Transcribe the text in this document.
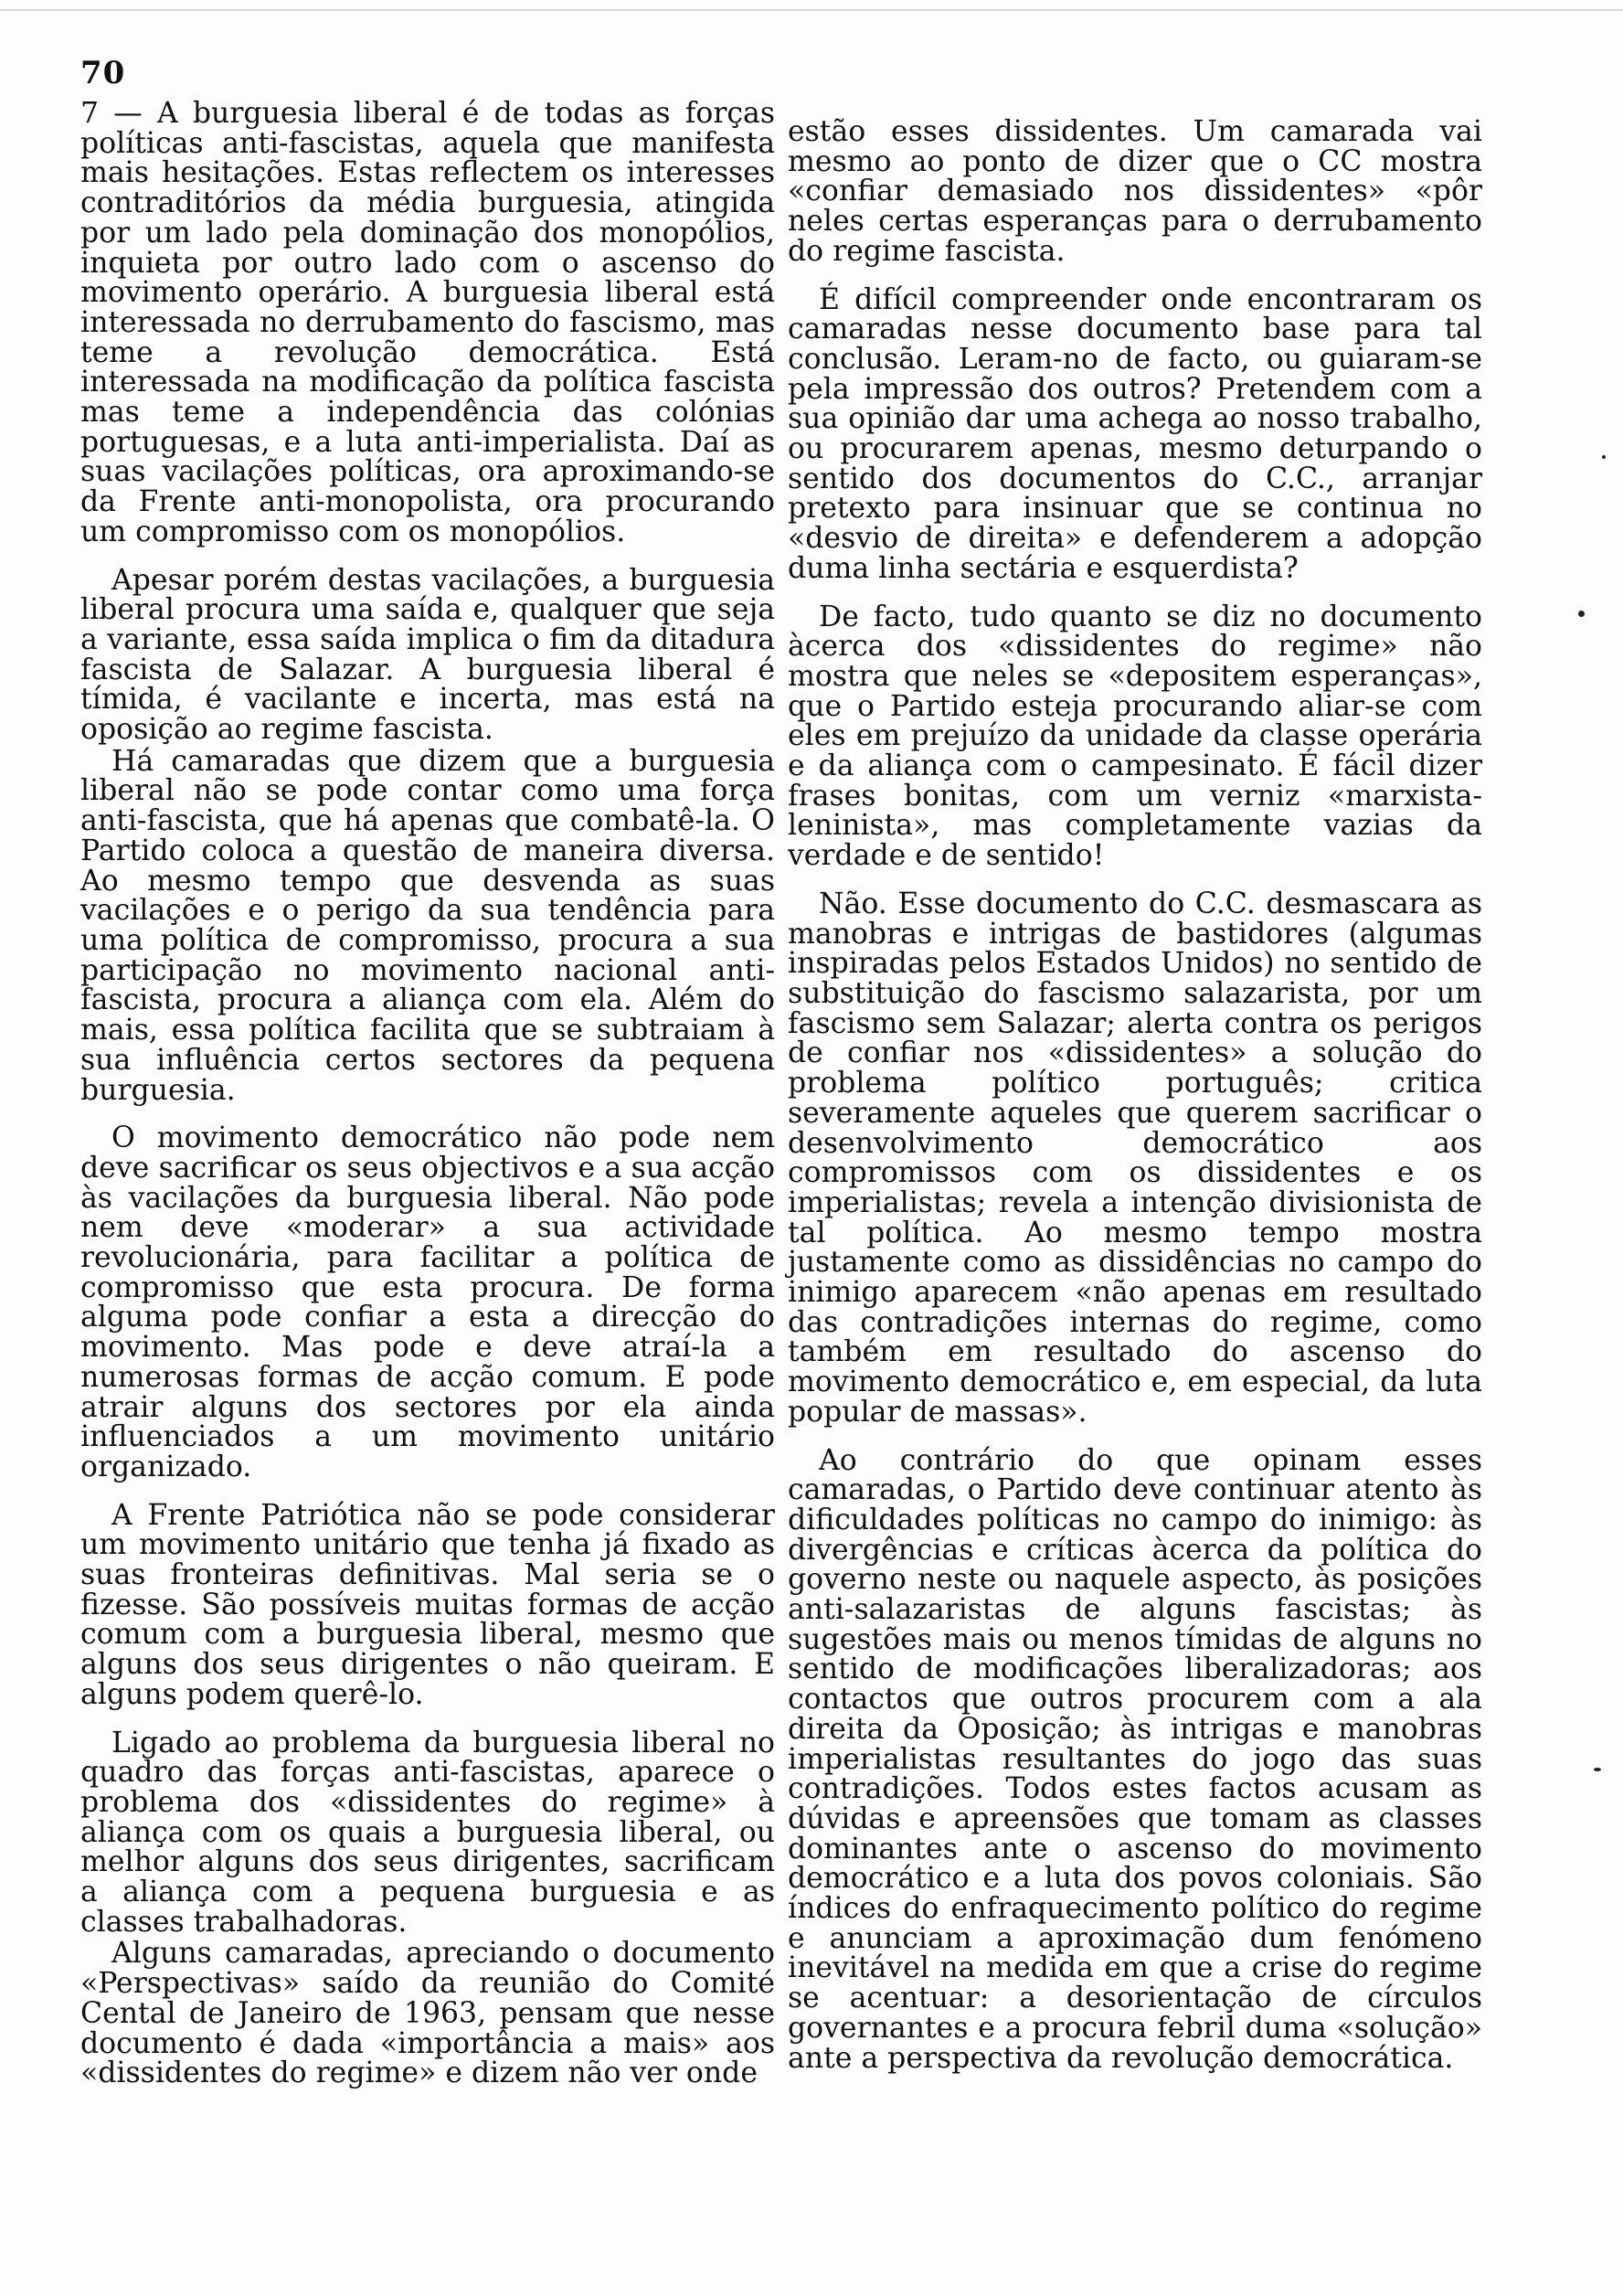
70

7 — A burguesia liberal é de todas as forças políticas anti-fascistas, aquela que manifesta mais hesitações. Estas reflectem os interesses contraditórios da média burguesia, atingida por um lado pela dominação dos monopólios, inquieta por outro lado com o ascenso do movimento operário. A burguesia liberal está interessada no derrubamento do fascismo, mas teme a revolução democrática. Está interessada na modificação da política fascista mas teme a independência das colónias portuguesas, e a luta anti-imperialista. Daí as suas vacilações políticas, ora aproximando-se da Frente anti-monopolista, ora procurando um compromisso com os monopólios.

Apesar porém destas vacilações, a burguesia liberal procura uma saída e, qualquer que seja a variante, essa saída implica o fim da ditadura fascista de Salazar. A burguesia liberal é tímida, é vacilante e incerta, mas está na oposição ao regime fascista.

Há camaradas que dizem que a burguesia liberal não se pode contar como uma força anti-fascista, que há apenas que combatê-la. O Partido coloca a questão de maneira diversa. Ao mesmo tempo que desvenda as suas vacilações e o perigo da sua tendência para uma política de compromisso, procura a sua participação no movimento nacional anti-fascista, procura a aliança com ela. Além do mais, essa política facilita que se subtraiam à sua influência certos sectores da pequena burguesia.

O movimento democrático não pode nem deve sacrificar os seus objectivos e a sua acção às vacilações da burguesia liberal. Não pode nem deve «moderar» a sua actividade revolucionária, para facilitar a política de compromisso que esta procura. De forma alguma pode confiar a esta a direcção do movimento. Mas pode e deve atraí-la a numerosas formas de acção comum. E pode atrair alguns dos sectores por ela ainda influenciados a um movimento unitário organizado.

A Frente Patriótica não se pode considerar um movimento unitário que tenha já fixado as suas fronteiras definitivas. Mal seria se o fizesse. São possíveis muitas formas de acção comum com a burguesia liberal, mesmo que alguns dos seus dirigentes o não queiram. E alguns podem querê-lo.

Ligado ao problema da burguesia liberal no quadro das forças anti-fascistas, aparece o problema dos «dissidentes do regime» à aliança com os quais a burguesia liberal, ou melhor alguns dos seus dirigentes, sacrificam a aliança com a pequena burguesia e as classes trabalhadoras.

Alguns camaradas, apreciando o documento «Perspectivas» saído da reunião do Comité Cental de Janeiro de 1963, pensam que nesse documento é dada «importância a mais» aos «dissidentes do regime» e dizem não ver onde

estão esses dissidentes. Um camarada vai mesmo ao ponto de dizer que o CC mostra «confiar demasiado nos dissidentes» «pôr neles certas esperanças para o derrubamento do regime fascista.

É difícil compreender onde encontraram os camaradas nesse documento base para tal conclusão. Leram-no de facto, ou guiaram-se pela impressão dos outros? Pretendem com a sua opinião dar uma achega ao nosso trabalho, ou procurarem apenas, mesmo deturpando o sentido dos documentos do C.C., arranjar pretexto para insinuar que se continua no «desvio de direita» e defenderem a adopção duma linha sectária e esquerdista?

De facto, tudo quanto se diz no documento àcerca dos «dissidentes do regime» não mostra que neles se «depositem esperanças», que o Partido esteja procurando aliar-se com eles em prejuízo da unidade da classe operária e da aliança com o campesinato. É fácil dizer frases bonitas, com um verniz «marxista-leninista», mas completamente vazias da verdade e de sentido!

Não. Esse documento do C.C. desmascara as manobras e intrigas de bastidores (algumas inspiradas pelos Estados Unidos) no sentido de substituição do fascismo salazarista, por um fascismo sem Salazar; alerta contra os perigos de confiar nos «dissidentes» a solução do problema político português; critica severamente aqueles que querem sacrificar o desenvolvimento democrático aos compromissos com os dissidentes e os imperialistas; revela a intenção divisionista de tal política. Ao mesmo tempo mostra justamente como as dissidências no campo do inimigo aparecem «não apenas em resultado das contradições internas do regime, como também em resultado do ascenso do movimento democrático e, em especial, da luta popular de massas».

Ao contrário do que opinam esses camaradas, o Partido deve continuar atento às dificuldades políticas no campo do inimigo: às divergências e críticas àcerca da política do governo neste ou naquele aspecto, às posições anti-salazaristas de alguns fascistas; às sugestões mais ou menos tímidas de alguns no sentido de modificações liberalizadoras; aos contactos que outros procurem com a ala direita da Oposição; às intrigas e manobras imperialistas resultantes do jogo das suas contradições. Todos estes factos acusam as dúvidas e apreensões que tomam as classes dominantes ante o ascenso do movimento democrático e a luta dos povos coloniais. São índices do enfraquecimento político do regime e anunciam a aproximação dum fenómeno inevitável na medida em que a crise do regime se acentuar: a desorientação de círculos governantes e a procura febril duma «solução» ante a perspectiva da revolução democrática.
